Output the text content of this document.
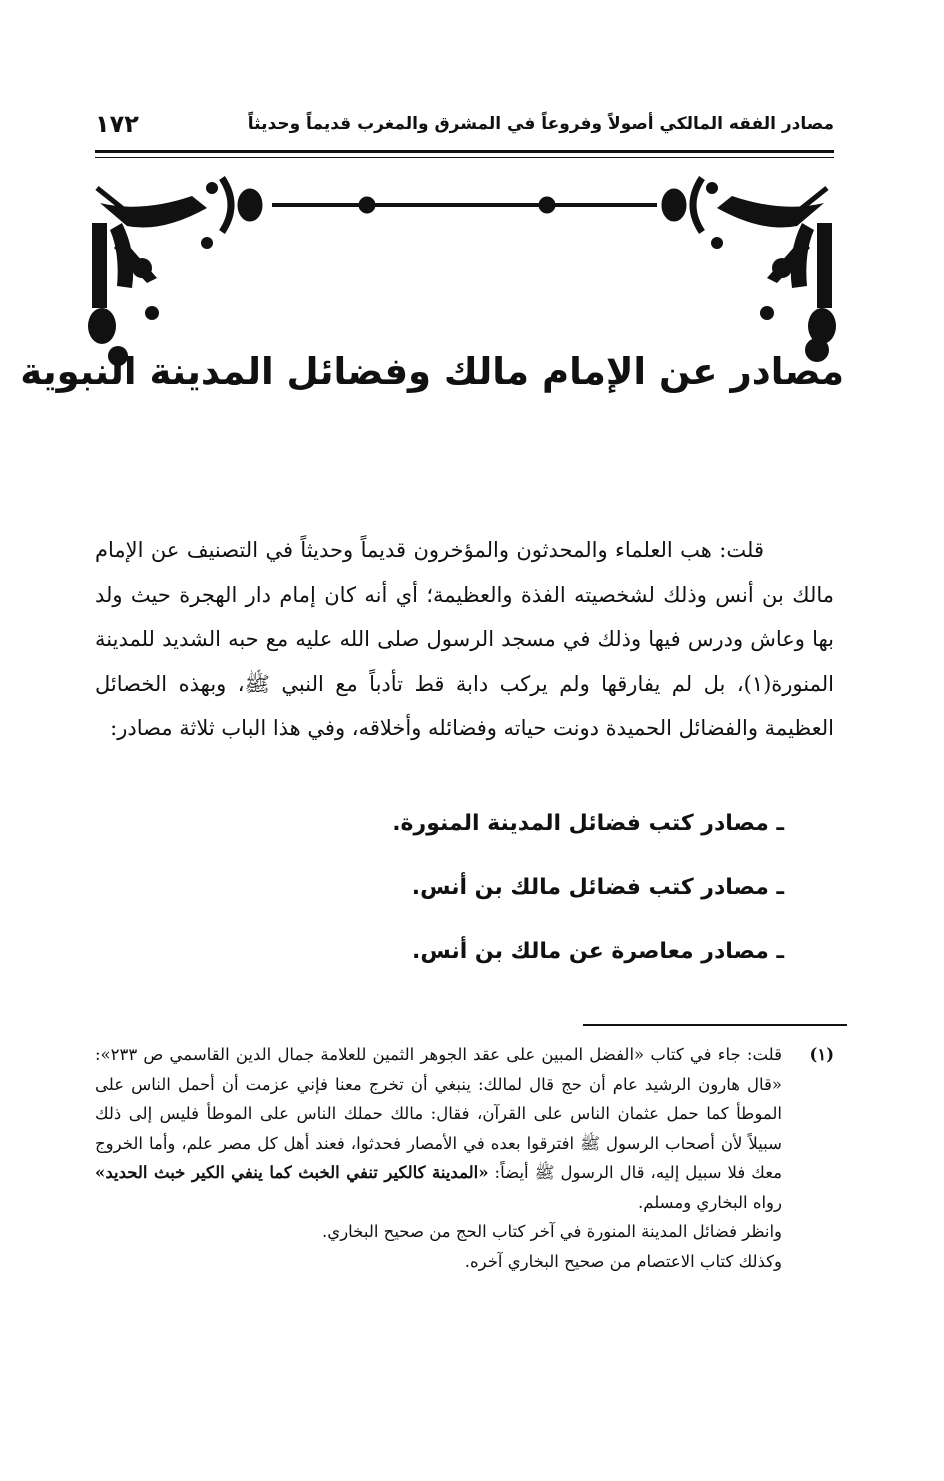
١٧٢	مصادر الفقه المالكي أصولاً وفروعاً في المشرق والمغرب قديماً وحديثاً
مصادر عن الإمام مالك وفضائل المدينة النبوية

قلت: هب العلماء والمحدثون والمؤخرون قديماً وحديثاً في التصنيف عن الإمام مالك بن أنس وذلك لشخصيته الفذة والعظيمة؛ أي أنه كان إمام دار الهجرة حيث ولد بها وعاش ودرس فيها وذلك في مسجد الرسول صلى الله عليه مع حبه الشديد للمدينة المنورة(١)، بل لم يفارقها ولم يركب دابة قط تأدباً مع النبي ﷺ، وبهذه الخصائل العظيمة والفضائل الحميدة دونت حياته وفضائله وأخلاقه، وفي هذا الباب ثلاثة مصادر:

ـ مصادر كتب فضائل المدينة المنورة.
ـ مصادر كتب فضائل مالك بن أنس.
ـ مصادر معاصرة عن مالك بن أنس.
(١)

قلت: جاء في كتاب «الفضل المبين على عقد الجوهر الثمين للعلامة جمال الدين القاسمي ص ٢٣٣»: «قال هارون الرشيد عام أن حج قال لمالك: ينبغي أن تخرج معنا فإني عزمت أن أحمل الناس على الموطأ كما حمل عثمان الناس على القرآن، فقال: مالك حملك الناس على الموطأ فليس إلى ذلك سبيلاً لأن أصحاب الرسول ﷺ افترقوا بعده في الأمصار فحدثوا، فعند أهل كل مصر علم، وأما الخروج معك فلا سبيل إليه، قال الرسول ﷺ أيضاً: «المدينة كالكير تنفي الخبث كما ينفي الكير خبث الحديد» رواه البخاري ومسلم.

وانظر فضائل المدينة المنورة في آخر كتاب الحج من صحيح البخاري.

وكذلك كتاب الاعتصام من صحيح البخاري آخره.
